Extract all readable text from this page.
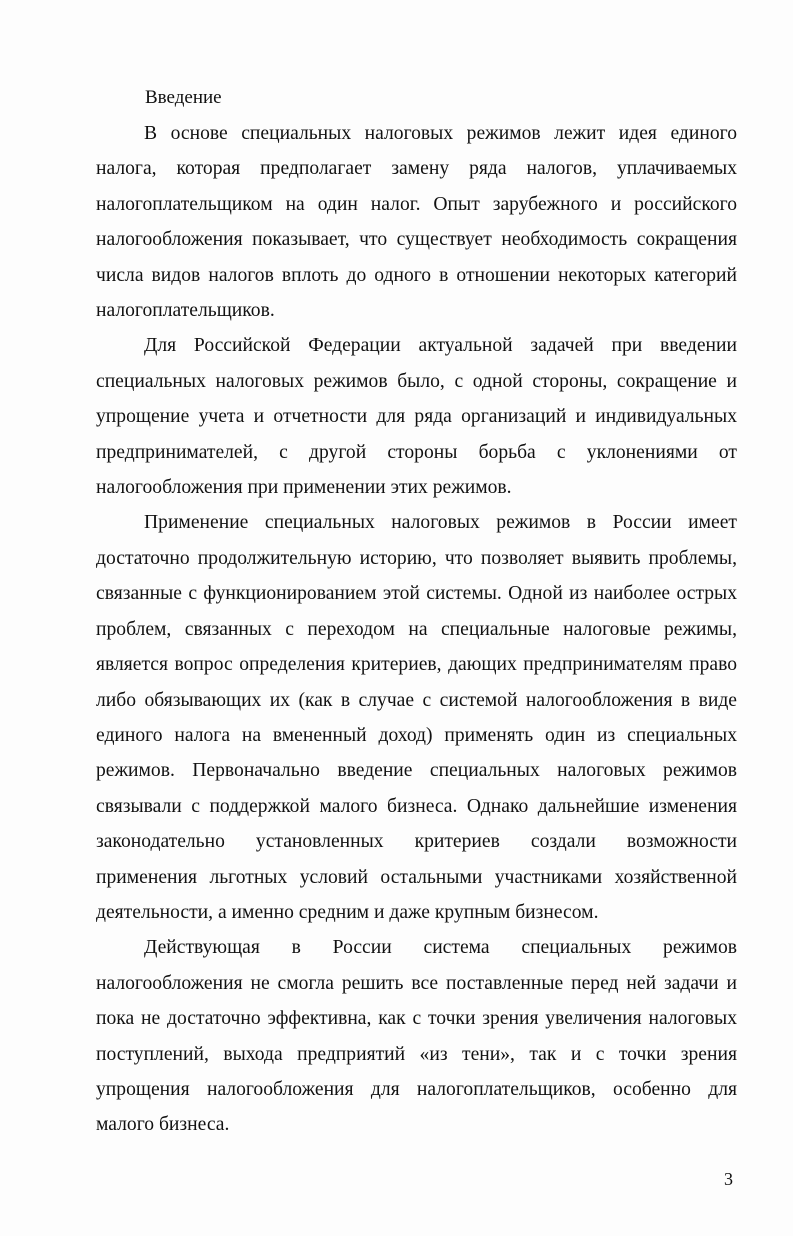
Введение

В основе специальных налоговых режимов лежит идея единого налога, которая предполагает замену ряда налогов, уплачиваемых налогоплательщиком на один налог. Опыт зарубежного и российского налогообложения показывает, что существует необходимость сокращения числа видов налогов вплоть до одного в отношении некоторых категорий налогоплательщиков.

Для Российской Федерации актуальной задачей при введении специальных налоговых режимов было, с одной стороны, сокращение и упрощение учета и отчетности для ряда организаций и индивидуальных предпринимателей, с другой стороны борьба с уклонениями от налогообложения при применении этих режимов.

Применение специальных налоговых режимов в России имеет достаточно продолжительную историю, что позволяет выявить проблемы, связанные с функционированием этой системы. Одной из наиболее острых проблем, связанных с переходом на специальные налоговые режимы, является вопрос определения критериев, дающих предпринимателям право либо обязывающих их (как в случае с системой налогообложения в виде единого налога на вмененный доход) применять один из специальных режимов. Первоначально введение специальных налоговых режимов связывали с поддержкой малого бизнеса. Однако дальнейшие изменения законодательно установленных критериев создали возможности применения льготных условий остальными участниками хозяйственной деятельности, а именно средним и даже крупным бизнесом.

Действующая в России система специальных режимов налогообложения не смогла решить все поставленные перед ней задачи и пока не достаточно эффективна, как с точки зрения увеличения налоговых поступлений, выхода предприятий «из тени», так и с точки зрения упрощения налогообложения для налогоплательщиков, особенно для малого бизнеса.

3
